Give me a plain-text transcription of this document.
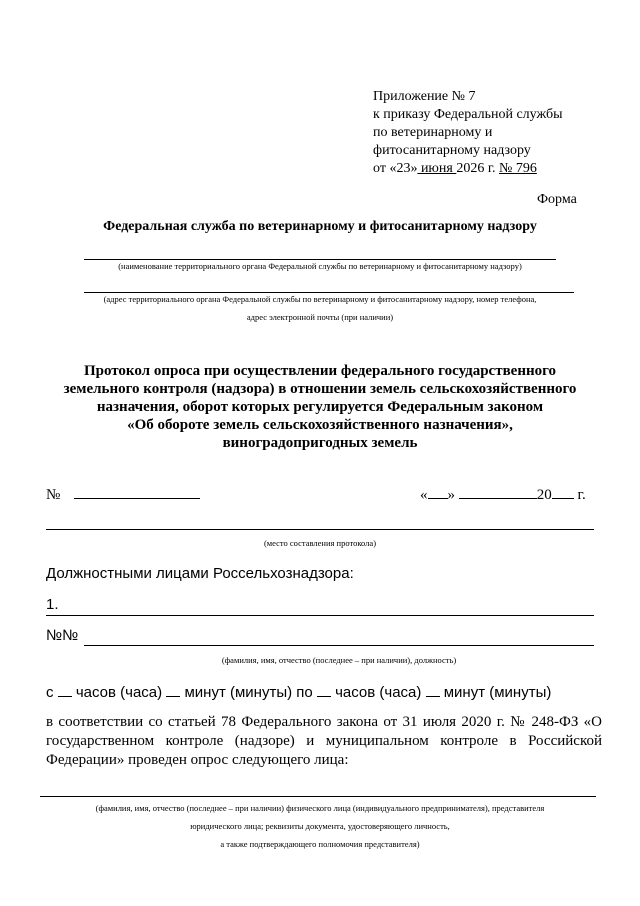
Приложение № 7
к приказу Федеральной службы
по ветеринарному и
фитосанитарному надзору
от «23» июня 2026 г. № 796
Форма
Федеральная служба по ветеринарному и фитосанитарному надзору
(наименование территориального органа Федеральной службы по ветеринарному и фитосанитарному надзору)
(адрес территориального органа Федеральной службы по ветеринарному и фитосанитарному надзору, номер телефона,
адрес электронной почты (при наличии)
Протокол опроса при осуществлении федерального государственного
земельного контроля (надзора) в отношении земель сельскохозяйственного
назначения, оборот которых регулируется Федеральным законом
«Об обороте земель сельскохозяйственного назначения»,
виноградопригодных земель
№	« »	20 г.
(место составления протокола)
Должностными лицами Россельхознадзора:
1.
№№
(фамилия, имя, отчество (последнее – при наличии), должность)
с часов (часа) минут (минуты) по часов (часа) минут (минуты)
в соответствии со статьей 78 Федерального закона от 31 июля 2020 г. № 248-ФЗ «О государственном контроле (надзоре) и муниципальном контроле в Российской Федерации» проведен опрос следующего лица:
(фамилия, имя, отчество (последнее – при наличии) физического лица (индивидуального предпринимателя), представителя
юридического лица; реквизиты документа, удостоверяющего личность,
а также подтверждающего полномочия представителя)
